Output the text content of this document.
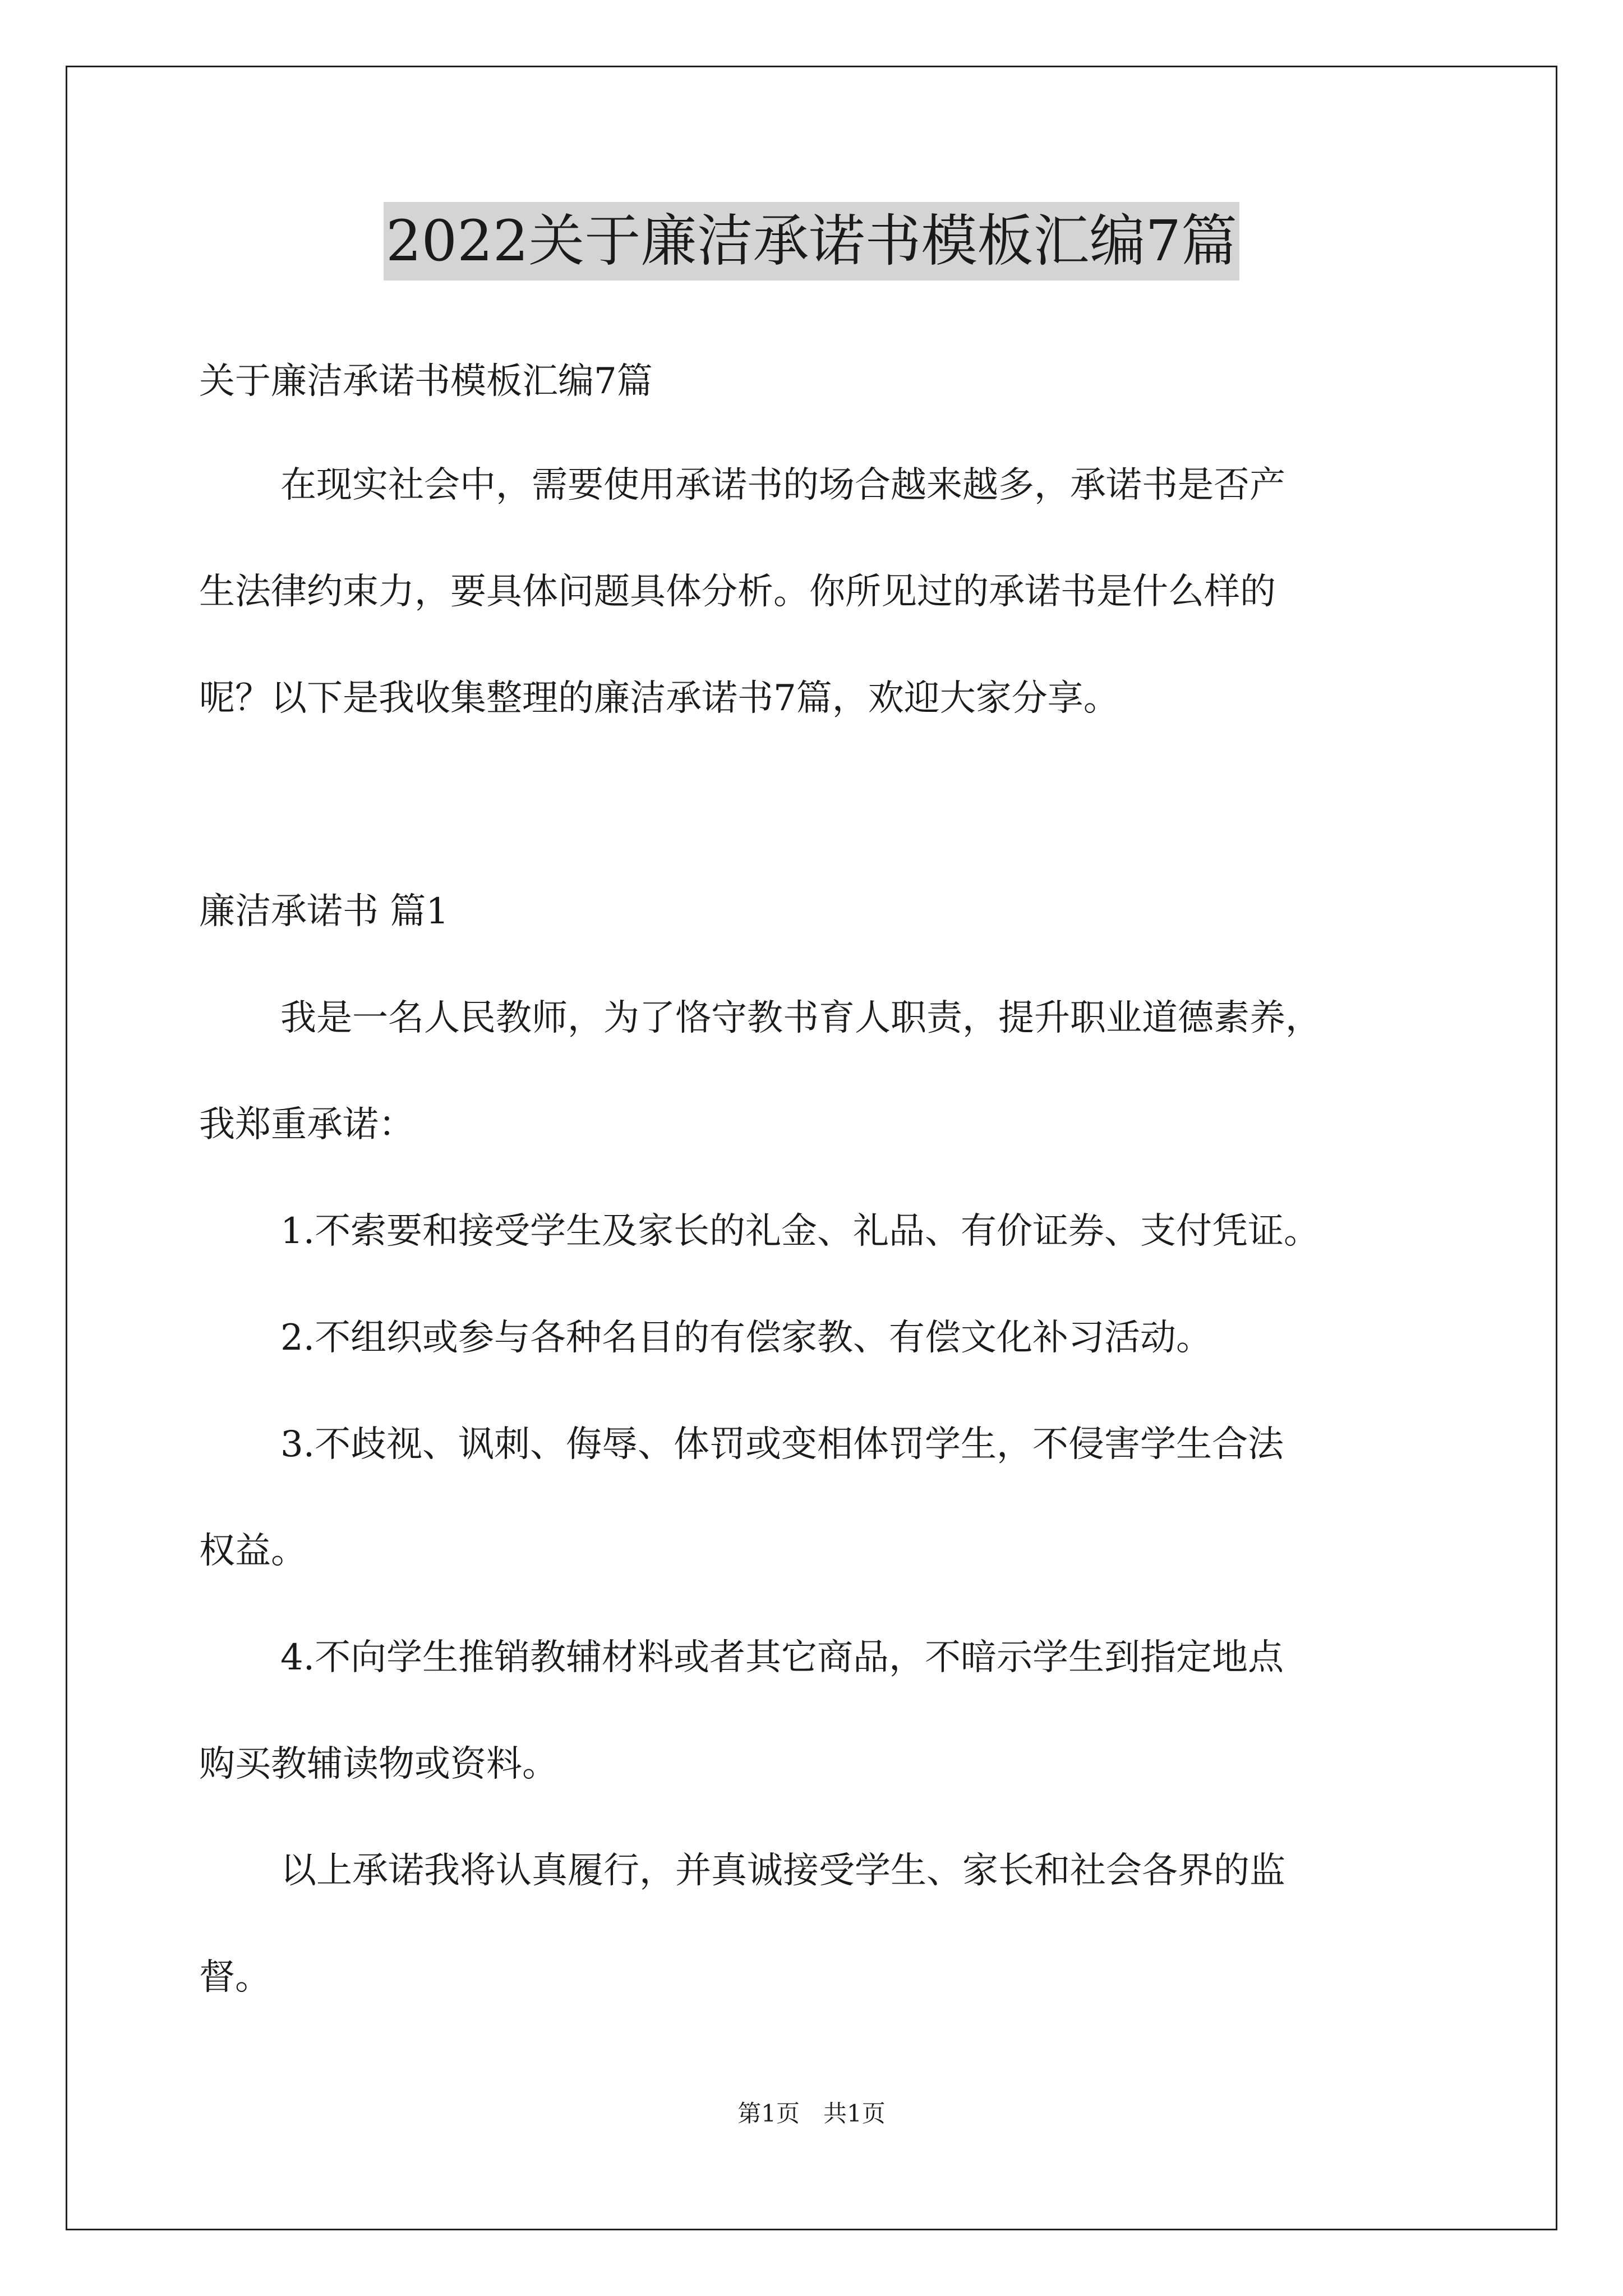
2022关于廉洁承诺书模板汇编7篇
关于廉洁承诺书模板汇编7篇
在现实社会中，需要使用承诺书的场合越来越多，承诺书是否产
生法律约束力，要具体问题具体分析。你所见过的承诺书是什么样的
呢？以下是我收集整理的廉洁承诺书7篇，欢迎大家分享。
廉洁承诺书 篇1
我是一名人民教师，为了恪守教书育人职责，提升职业道德素养，
我郑重承诺：
1.不索要和接受学生及家长的礼金、礼品、有价证券、支付凭证。
2.不组织或参与各种名目的有偿家教、有偿文化补习活动。
3.不歧视、讽刺、侮辱、体罚或变相体罚学生，不侵害学生合法
权益。
4.不向学生推销教辅材料或者其它商品，不暗示学生到指定地点
购买教辅读物或资料。
以上承诺我将认真履行，并真诚接受学生、家长和社会各界的监
督。
第1页　共1页
